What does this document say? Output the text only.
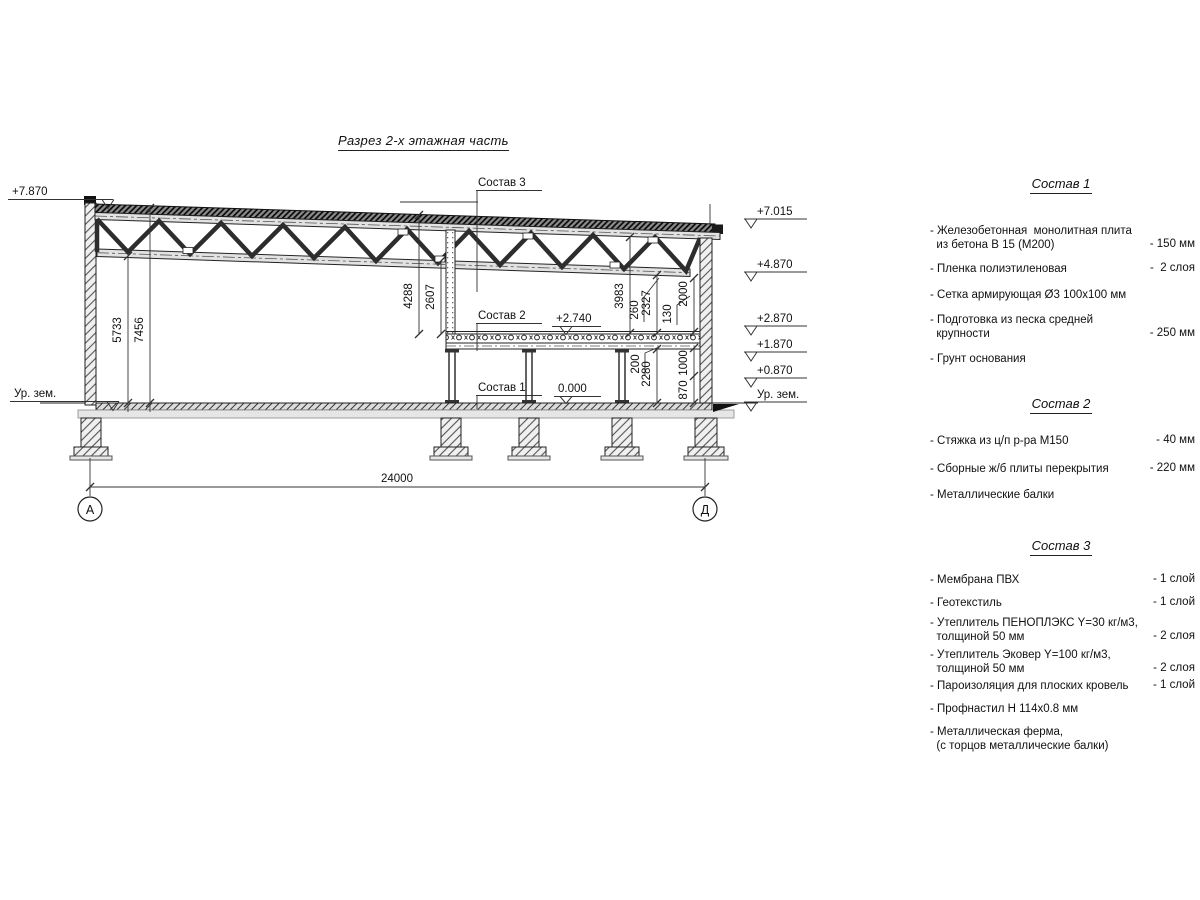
Разрез 2-х этажная часть
5733 7456
4288 2607	3983
260 2327 130
2000
200 2280 1000
870
24000
Состав 3
Состав 2
Состав 1
+7.870
Ур. зем.
+2.740
0.000
+7.015
+4.870
+2.870
+1.870
+0.870
Ур. зем.
А	Д
Состав 1
- Железобетонная  монолитная плита
из бетона В 15 (М200)	- 150 мм
- Пленка полиэтиленовая	-  2 слоя
- Сетка армирующая Ø3 100х100 мм
- Подготовка из песка средней
крупности	- 250 мм
- Грунт основания
Состав 2
- Стяжка из ц/п р-ра М150	- 40 мм
- Сборные ж/б плиты перекрытия	- 220 мм
- Металлические балки
Состав 3
- Мембрана ПВХ	- 1 слой
- Геотекстиль	- 1 слой
- Утеплитель ПЕНОПЛЭКС Y=30 кг/м3,
толщиной 50 мм	- 2 слоя
- Утеплитель Эковер Y=100 кг/м3,
толщиной 50 мм	- 2 слоя
- Пароизоляция для плоских кровель - 1 слой
- Профнастил Н 114х0.8 мм
- Металлическая ферма,
(с торцов металлические балки)
